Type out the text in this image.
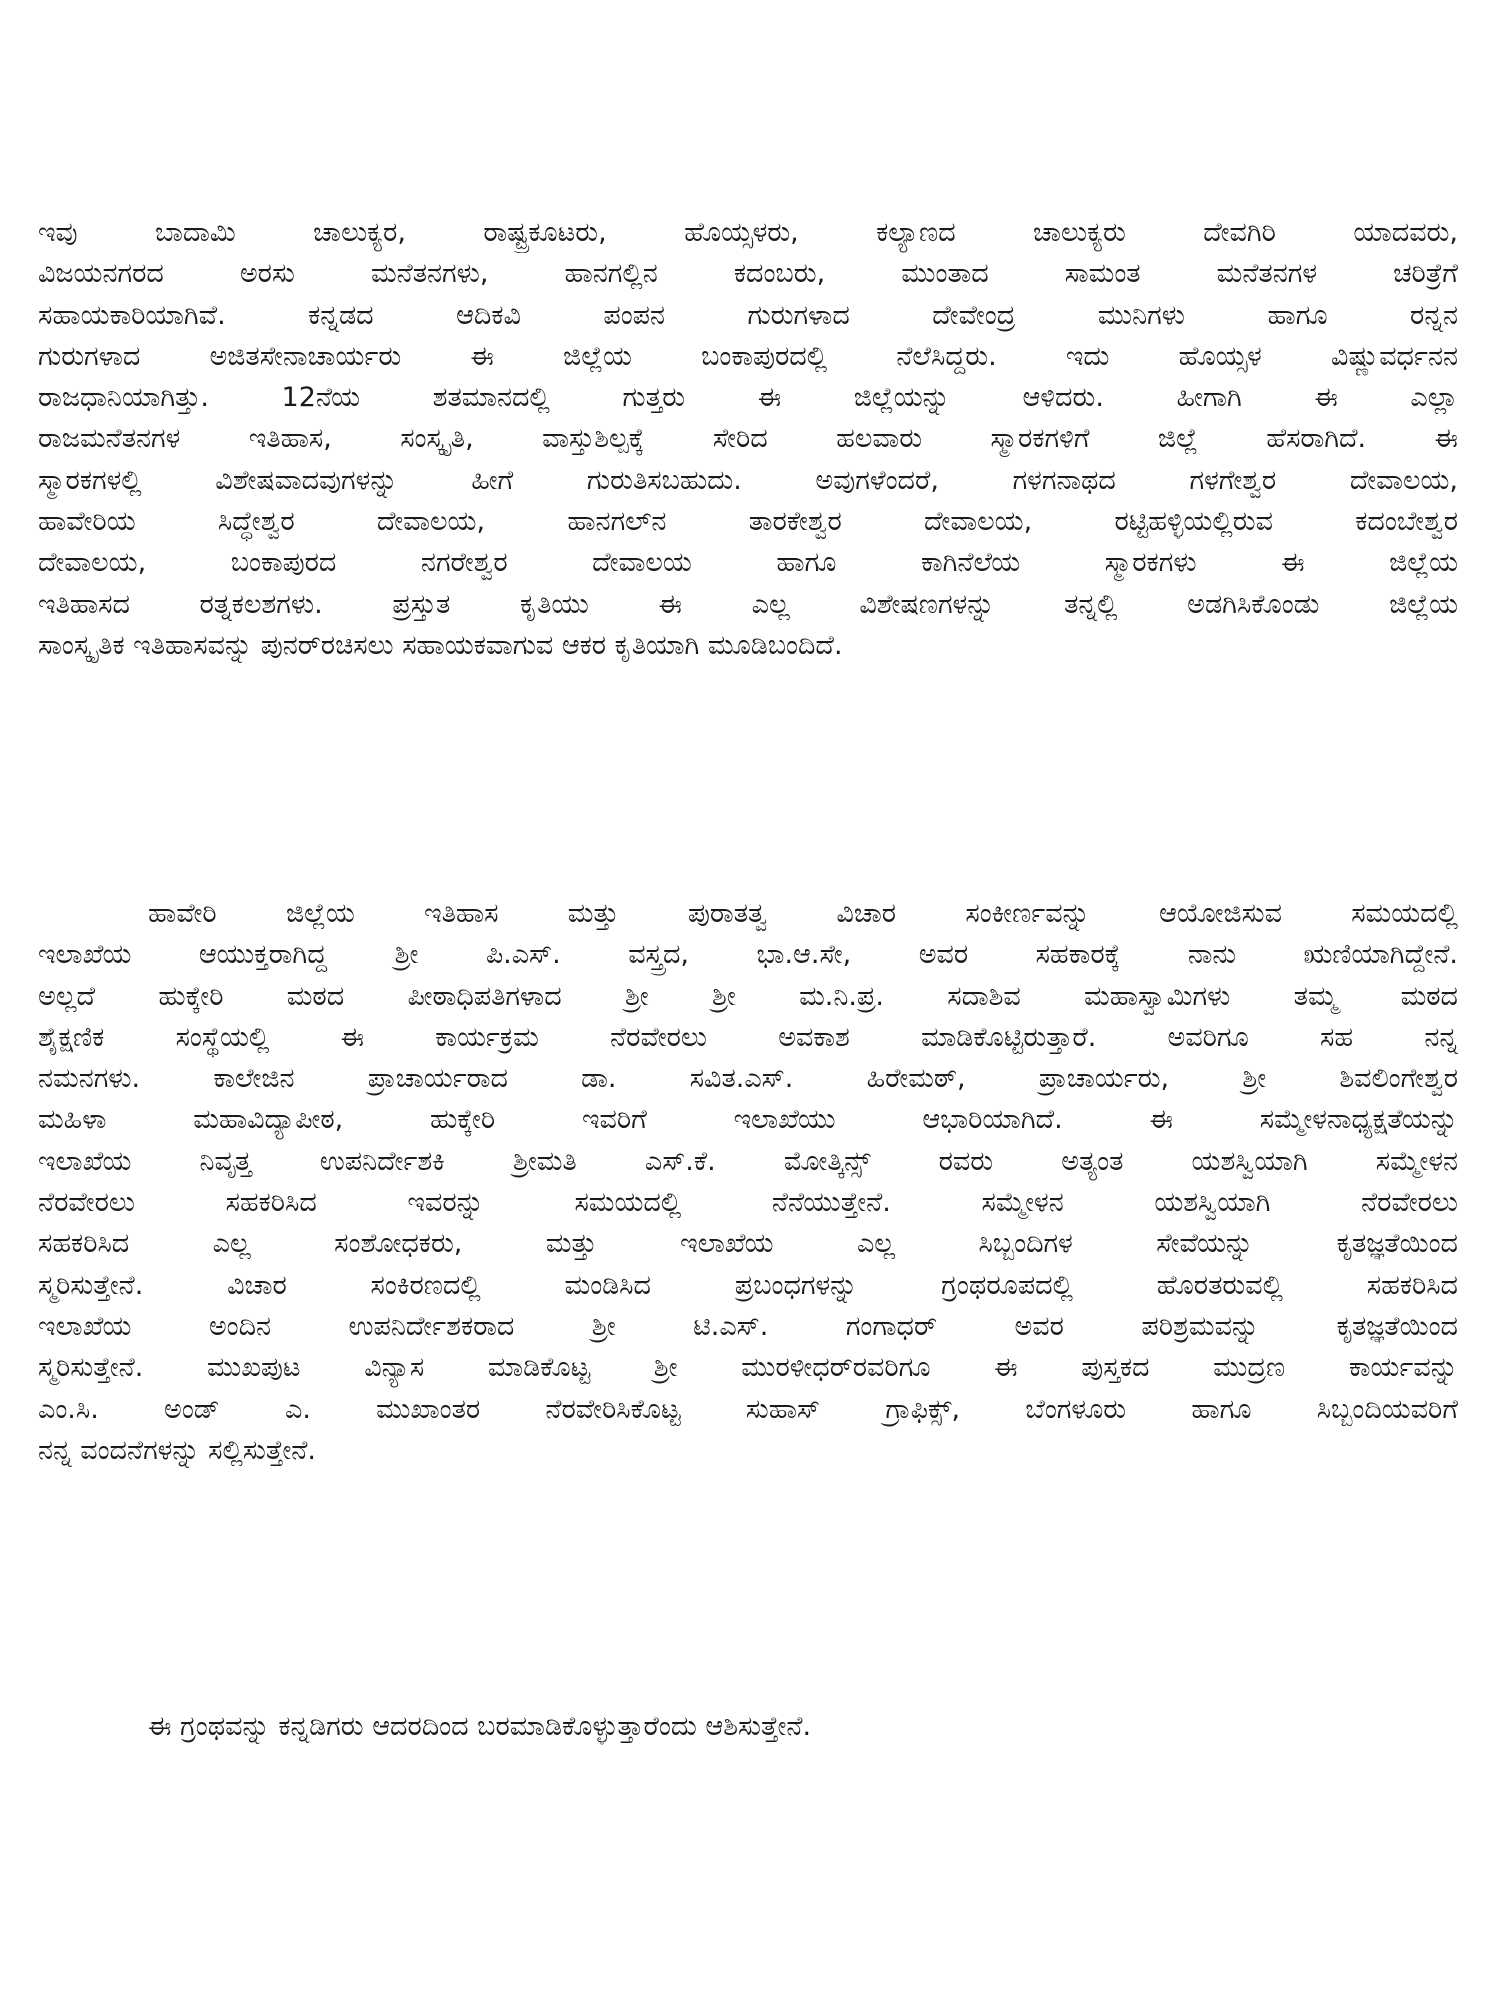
ಇವು ಬಾದಾಮಿ ಚಾಲುಕ್ಯರ, ರಾಷ್ಟ್ರಕೂಟರು, ಹೊಯ್ಸಳರು, ಕಲ್ಯಾಣದ ಚಾಲುಕ್ಯರು ದೇವಗಿರಿ ಯಾದವರು,
ವಿಜಯನಗರದ ಅರಸು ಮನೆತನಗಳು, ಹಾನಗಲ್ಲಿನ ಕದಂಬರು, ಮುಂತಾದ ಸಾಮಂತ ಮನೆತನಗಳ ಚರಿತ್ರೆಗೆ
ಸಹಾಯಕಾರಿಯಾಗಿವೆ. ಕನ್ನಡದ ಆದಿಕವಿ ಪಂಪನ ಗುರುಗಳಾದ ದೇವೇಂದ್ರ ಮುನಿಗಳು ಹಾಗೂ ರನ್ನನ
ಗುರುಗಳಾದ ಅಜಿತಸೇನಾಚಾರ್ಯರು ಈ ಜಿಲ್ಲೆಯ ಬಂಕಾಪುರದಲ್ಲಿ ನೆಲೆಸಿದ್ದರು. ಇದು ಹೊಯ್ಸಳ ವಿಷ್ಣುವರ್ಧನನ
ರಾಜಧಾನಿಯಾಗಿತ್ತು. 12ನೆಯ ಶತಮಾನದಲ್ಲಿ ಗುತ್ತರು ಈ ಜಿಲ್ಲೆಯನ್ನು ಆಳಿದರು. ಹೀಗಾಗಿ ಈ ಎಲ್ಲಾ
ರಾಜಮನೆತನಗಳ ಇತಿಹಾಸ, ಸಂಸ್ಕೃತಿ, ವಾಸ್ತುಶಿಲ್ಪಕ್ಕೆ ಸೇರಿದ ಹಲವಾರು ಸ್ಮಾರಕಗಳಿಗೆ ಜಿಲ್ಲೆ ಹೆಸರಾಗಿದೆ. ಈ
ಸ್ಮಾರಕಗಳಲ್ಲಿ ವಿಶೇಷವಾದವುಗಳನ್ನು ಹೀಗೆ ಗುರುತಿಸಬಹುದು. ಅವುಗಳೆಂದರೆ, ಗಳಗನಾಥದ ಗಳಗೇಶ್ವರ ದೇವಾಲಯ,
ಹಾವೇರಿಯ ಸಿದ್ಧೇಶ್ವರ ದೇವಾಲಯ, ಹಾನಗಲ್‌ನ ತಾರಕೇಶ್ವರ ದೇವಾಲಯ, ರಟ್ಟಿಹಳ್ಳಿಯಲ್ಲಿರುವ ಕದಂಬೇಶ್ವರ
ದೇವಾಲಯ, ಬಂಕಾಪುರದ ನಗರೇಶ್ವರ ದೇವಾಲಯ ಹಾಗೂ ಕಾಗಿನೆಲೆಯ ಸ್ಮಾರಕಗಳು ಈ ಜಿಲ್ಲೆಯ
ಇತಿಹಾಸದ ರತ್ನಕಲಶಗಳು. ಪ್ರಸ್ತುತ ಕೃತಿಯು ಈ ಎಲ್ಲ ವಿಶೇಷಣಗಳನ್ನು ತನ್ನಲ್ಲಿ ಅಡಗಿಸಿಕೊಂಡು ಜಿಲ್ಲೆಯ
ಸಾಂಸ್ಕೃತಿಕ ಇತಿಹಾಸವನ್ನು ಪುನರ್‌ರಚಿಸಲು ಸಹಾಯಕವಾಗುವ ಆಕರ ಕೃತಿಯಾಗಿ ಮೂಡಿಬಂದಿದೆ.
ಹಾವೇರಿ ಜಿಲ್ಲೆಯ ಇತಿಹಾಸ ಮತ್ತು ಪುರಾತತ್ವ ವಿಚಾರ ಸಂಕೀರ್ಣವನ್ನು ಆಯೋಜಿಸುವ ಸಮಯದಲ್ಲಿ
ಇಲಾಖೆಯ ಆಯುಕ್ತರಾಗಿದ್ದ ಶ್ರೀ ಪಿ.ಎಸ್. ವಸ್ತ್ರದ, ಭಾ.ಆ.ಸೇ, ಅವರ ಸಹಕಾರಕ್ಕೆ ನಾನು ಋಣಿಯಾಗಿದ್ದೇನೆ.
ಅಲ್ಲದೆ ಹುಕ್ಕೇರಿ ಮಠದ ಪೀಠಾಧಿಪತಿಗಳಾದ ಶ್ರೀ ಶ್ರೀ ಮ.ನಿ.ಪ್ರ. ಸದಾಶಿವ ಮಹಾಸ್ವಾಮಿಗಳು ತಮ್ಮ ಮಠದ
ಶೈಕ್ಷಣಿಕ ಸಂಸ್ಥೆಯಲ್ಲಿ ಈ ಕಾರ್ಯಕ್ರಮ ನೆರವೇರಲು ಅವಕಾಶ ಮಾಡಿಕೊಟ್ಟಿರುತ್ತಾರೆ. ಅವರಿಗೂ ಸಹ ನನ್ನ
ನಮನಗಳು. ಕಾಲೇಜಿನ ಪ್ರಾಚಾರ್ಯರಾದ ಡಾ. ಸವಿತ.ಎಸ್. ಹಿರೇಮಠ್, ಪ್ರಾಚಾರ್ಯರು, ಶ್ರೀ ಶಿವಲಿಂಗೇಶ್ವರ
ಮಹಿಳಾ ಮಹಾವಿದ್ಯಾಪೀಠ, ಹುಕ್ಕೇರಿ ಇವರಿಗೆ ಇಲಾಖೆಯು ಆಭಾರಿಯಾಗಿದೆ. ಈ ಸಮ್ಮೇಳನಾಧ್ಯಕ್ಷತೆಯನ್ನು
ಇಲಾಖೆಯ ನಿವೃತ್ತ ಉಪನಿರ್ದೇಶಕಿ ಶ್ರೀಮತಿ ಎಸ್.ಕೆ. ಮೋತ್ಕಿನ್ಸ್ ರವರು ಅತ್ಯಂತ ಯಶಸ್ವಿಯಾಗಿ ಸಮ್ಮೇಳನ
ನೆರವೇರಲು ಸಹಕರಿಸಿದ ಇವರನ್ನು ಸಮಯದಲ್ಲಿ ನೆನೆಯುತ್ತೇನೆ. ಸಮ್ಮೇಳನ ಯಶಸ್ವಿಯಾಗಿ ನೆರವೇರಲು
ಸಹಕರಿಸಿದ ಎಲ್ಲ ಸಂಶೋಧಕರು, ಮತ್ತು ಇಲಾಖೆಯ ಎಲ್ಲ ಸಿಬ್ಬಂದಿಗಳ ಸೇವೆಯನ್ನು ಕೃತಜ್ಞತೆಯಿಂದ
ಸ್ಮರಿಸುತ್ತೇನೆ. ವಿಚಾರ ಸಂಕಿರಣದಲ್ಲಿ ಮಂಡಿಸಿದ ಪ್ರಬಂಧಗಳನ್ನು ಗ್ರಂಥರೂಪದಲ್ಲಿ ಹೊರತರುವಲ್ಲಿ ಸಹಕರಿಸಿದ
ಇಲಾಖೆಯ ಅಂದಿನ ಉಪನಿರ್ದೇಶಕರಾದ ಶ್ರೀ ಟಿ.ಎಸ್. ಗಂಗಾಧರ್ ಅವರ ಪರಿಶ್ರಮವನ್ನು ಕೃತಜ್ಞತೆಯಿಂದ
ಸ್ಮರಿಸುತ್ತೇನೆ. ಮುಖಪುಟ ವಿನ್ಯಾಸ ಮಾಡಿಕೊಟ್ಟ ಶ್ರೀ ಮುರಳೀಧರ್‌ರವರಿಗೂ ಈ ಪುಸ್ತಕದ ಮುದ್ರಣ ಕಾರ್ಯವನ್ನು
ಎಂ.ಸಿ. ಅಂಡ್ ಎ. ಮುಖಾಂತರ ನೆರವೇರಿಸಿಕೊಟ್ಟ ಸುಹಾಸ್ ಗ್ರಾಫಿಕ್ಸ್, ಬೆಂಗಳೂರು ಹಾಗೂ ಸಿಬ್ಬಂದಿಯವರಿಗೆ
ನನ್ನ ವಂದನೆಗಳನ್ನು ಸಲ್ಲಿಸುತ್ತೇನೆ.
ಈ ಗ್ರಂಥವನ್ನು ಕನ್ನಡಿಗರು ಆದರದಿಂದ ಬರಮಾಡಿಕೊಳ್ಳುತ್ತಾರೆಂದು ಆಶಿಸುತ್ತೇನೆ.
